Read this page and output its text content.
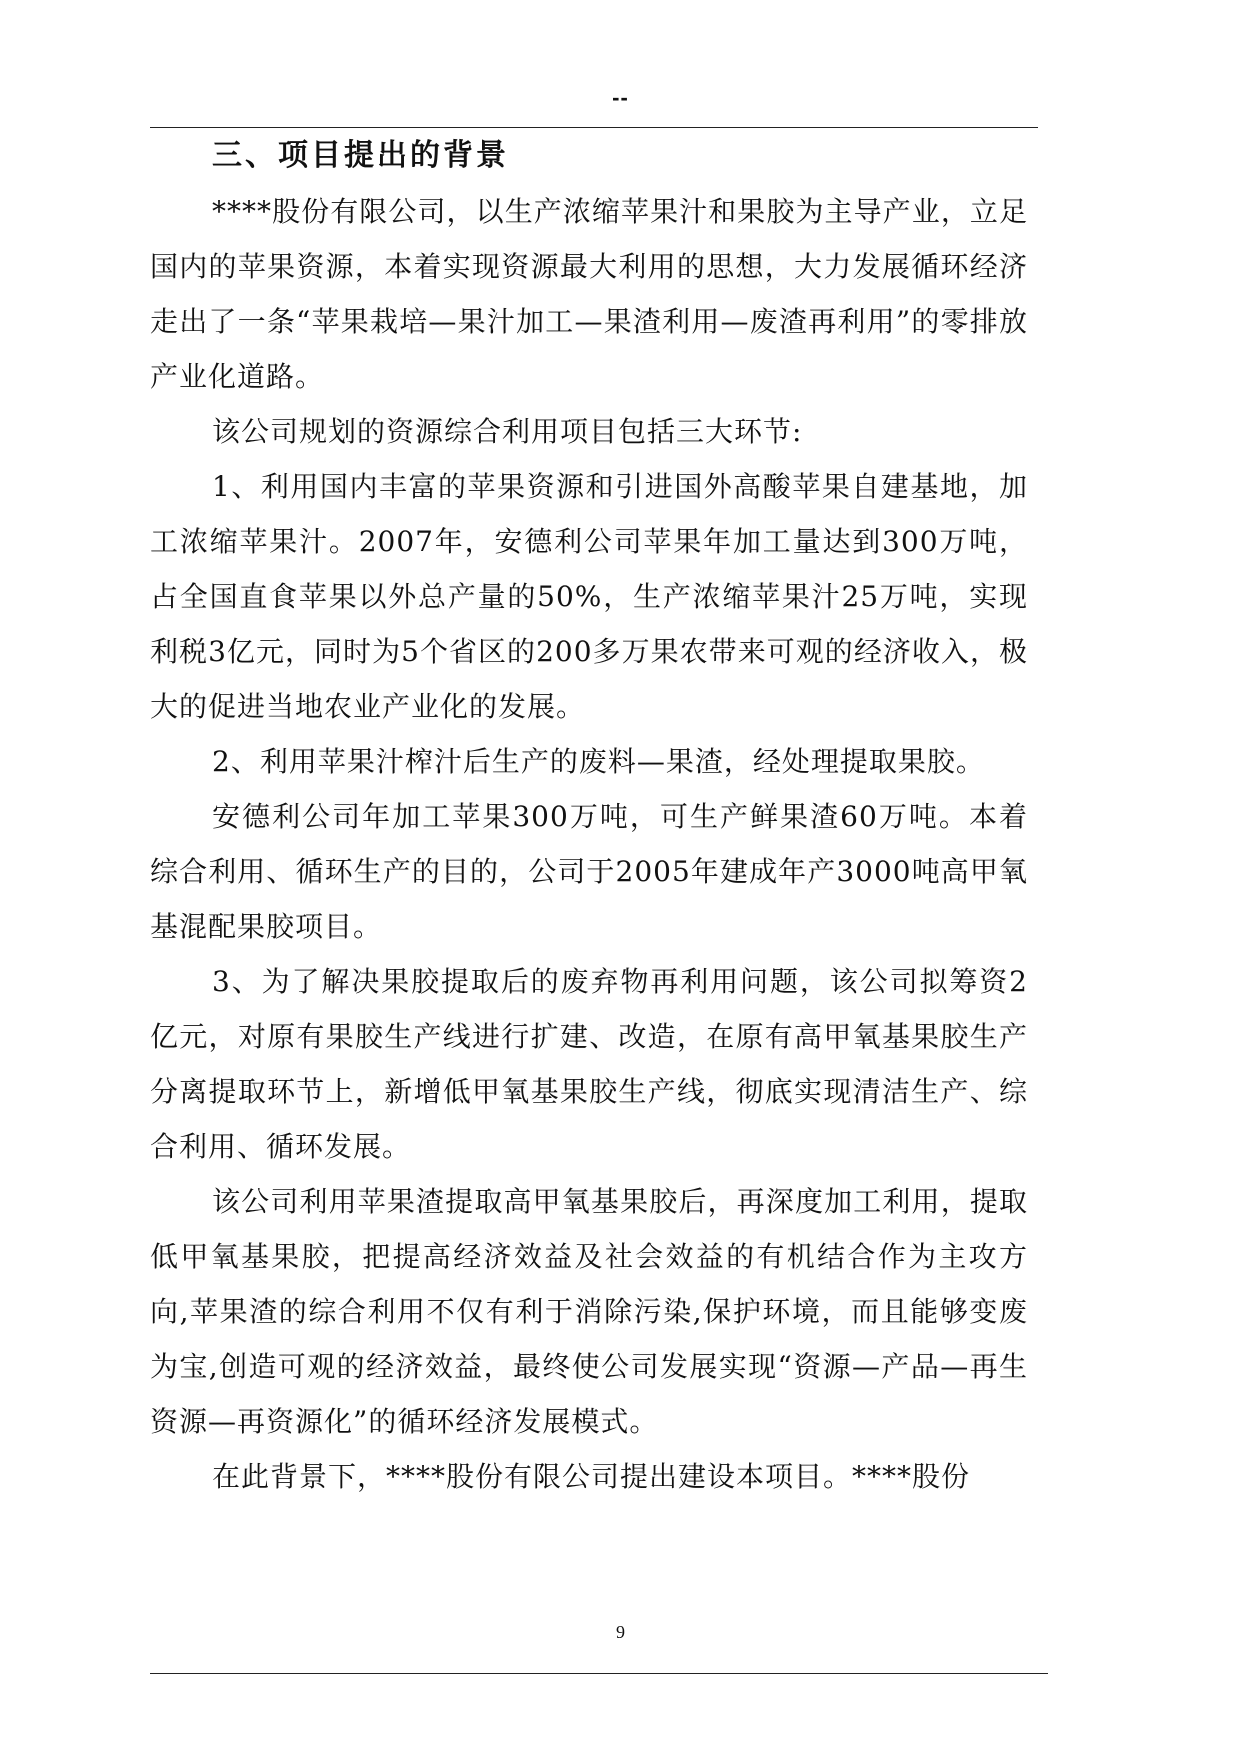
--
三、项目提出的背景

****股份有限公司，以生产浓缩苹果汁和果胶为主导产业，立足国内的苹果资源，本着实现资源最大利用的思想，大力发展循环经济走出了一条“苹果栽培—果汁加工—果渣利用—废渣再利用”的零排放产业化道路。

该公司规划的资源综合利用项目包括三大环节:

1、利用国内丰富的苹果资源和引进国外高酸苹果自建基地，加工浓缩苹果汁。2007年，安德利公司苹果年加工量达到300万吨，占全国直食苹果以外总产量的50%，生产浓缩苹果汁25万吨，实现利税3亿元，同时为5个省区的200多万果农带来可观的经济收入，极大的促进当地农业产业化的发展。

2、利用苹果汁榨汁后生产的废料—果渣，经处理提取果胶。

安德利公司年加工苹果300万吨，可生产鲜果渣60万吨。本着综合利用、循环生产的目的，公司于2005年建成年产3000吨高甲氧基混配果胶项目。

3、为了解决果胶提取后的废弃物再利用问题，该公司拟筹资2亿元，对原有果胶生产线进行扩建、改造，在原有高甲氧基果胶生产分离提取环节上，新增低甲氧基果胶生产线，彻底实现清洁生产、综合利用、循环发展。

该公司利用苹果渣提取高甲氧基果胶后，再深度加工利用，提取低甲氧基果胶，把提高经济效益及社会效益的有机结合作为主攻方向,苹果渣的综合利用不仅有利于消除污染,保护环境，而且能够变废为宝,创造可观的经济效益，最终使公司发展实现“资源—产品—再生资源—再资源化”的循环经济发展模式。

在此背景下，****股份有限公司提出建设本项目。****股份

9
